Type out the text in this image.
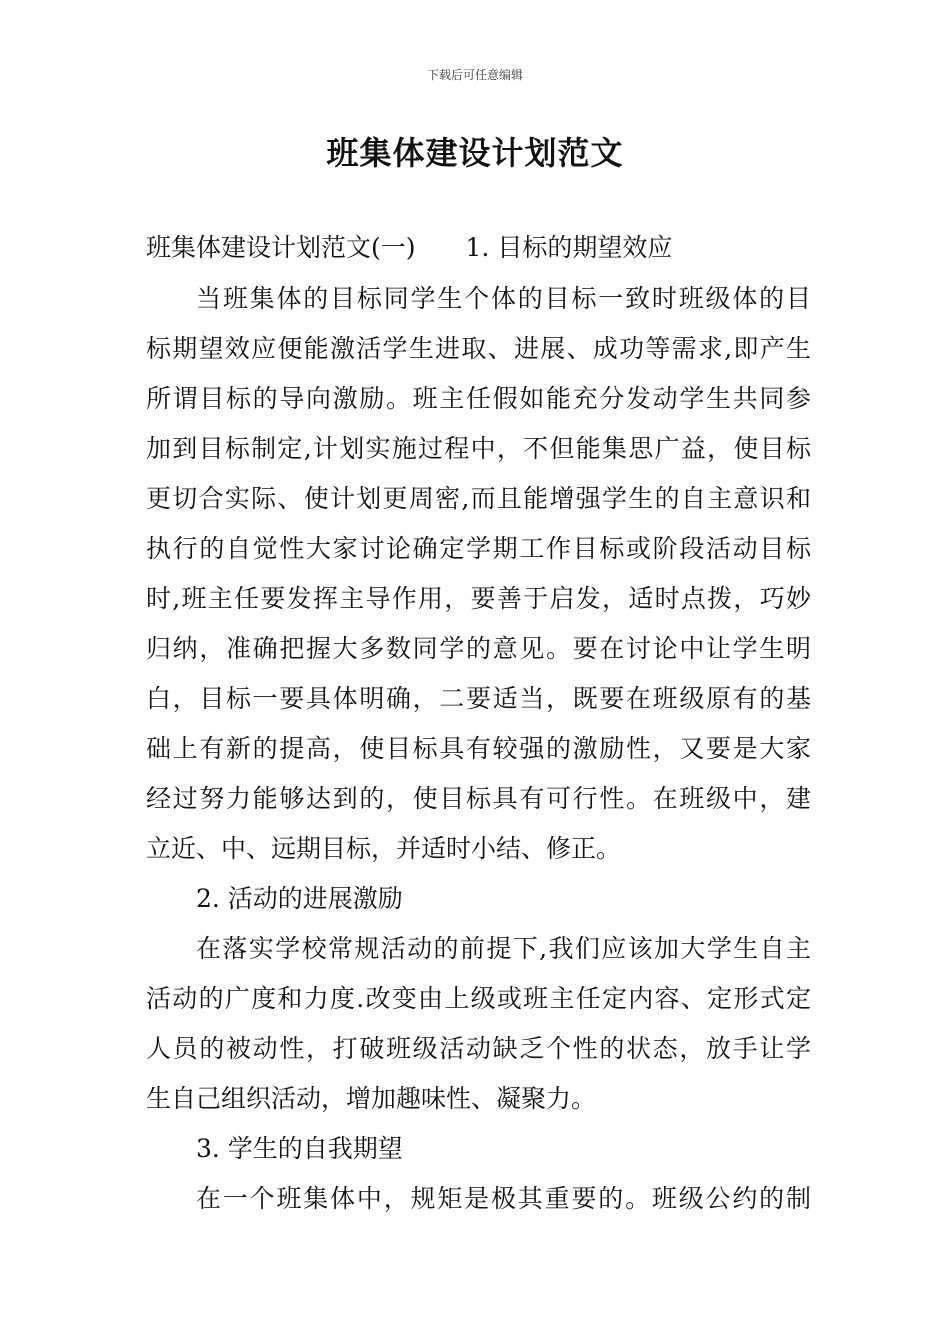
下载后可任意编辑
班集体建设计划范文
班集体建设计划范文(一) 1. 目标的期望效应
当班集体的目标同学生个体的目标一致时班级体的目
标期望效应便能激活学生进取、进展、成功等需求,即产生
所谓目标的导向激励。班主任假如能充分发动学生共同参
加到目标制定,计划实施过程中，不但能集思广益，使目标
更切合实际、使计划更周密,而且能增强学生的自主意识和
执行的自觉性大家讨论确定学期工作目标或阶段活动目标
时,班主任要发挥主导作用，要善于启发，适时点拨，巧妙
归纳，准确把握大多数同学的意见。要在讨论中让学生明
白，目标一要具体明确，二要适当，既要在班级原有的基
础上有新的提高，使目标具有较强的激励性，又要是大家
经过努力能够达到的，使目标具有可行性。在班级中，建
立近、中、远期目标，并适时小结、修正。
2. 活动的进展激励
在落实学校常规活动的前提下,我们应该加大学生自主
活动的广度和力度.改变由上级或班主任定内容、定形式定
人员的被动性，打破班级活动缺乏个性的状态，放手让学
生自己组织活动，增加趣味性、凝聚力。
3. 学生的自我期望
在一个班集体中，规矩是极其重要的。班级公约的制
